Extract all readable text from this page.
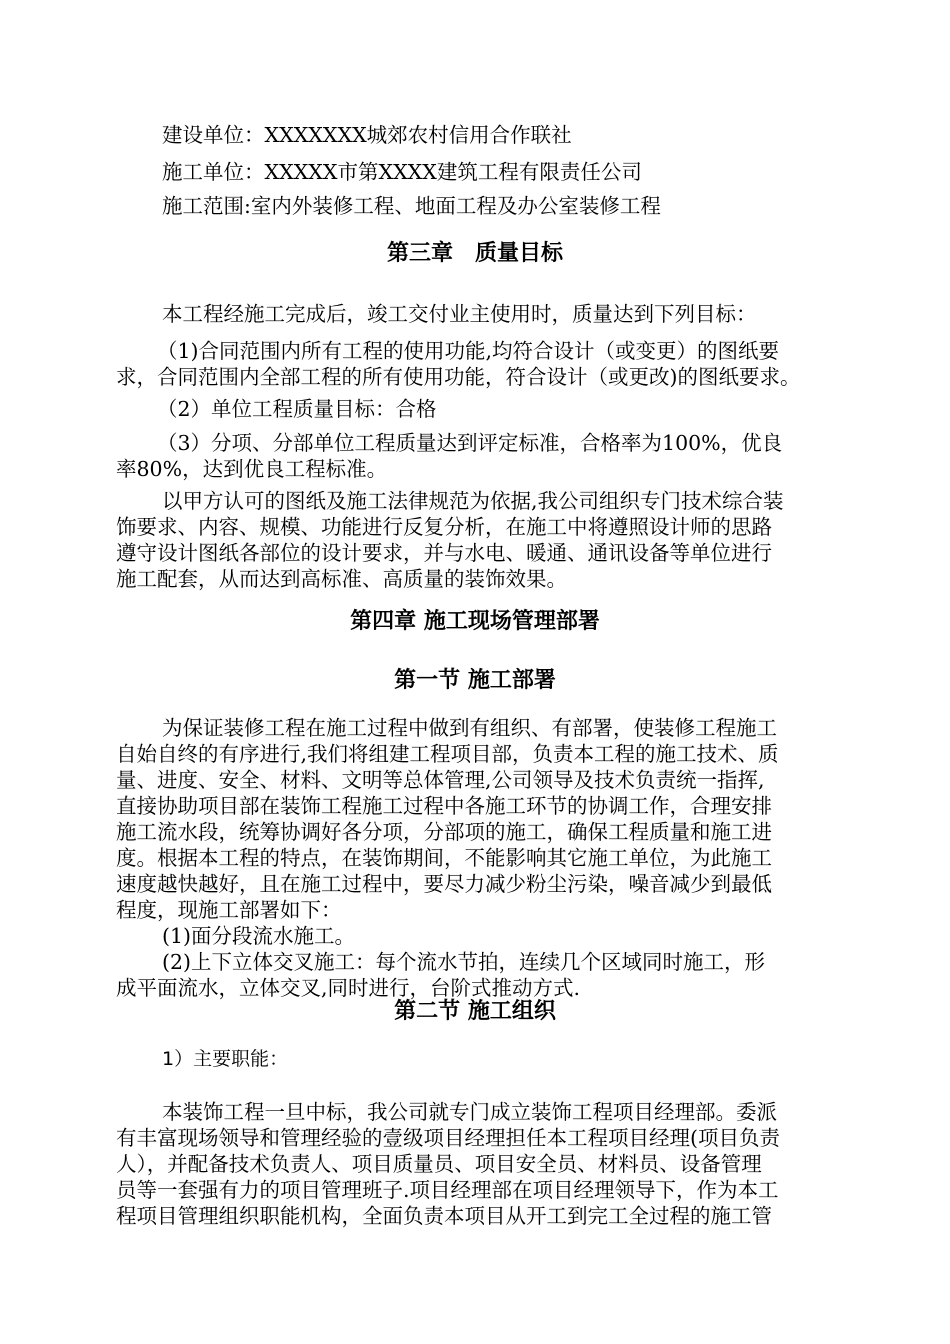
建设单位：XXXXXXX城郊农村信用合作联社

施工单位：XXXXX市第XXXX建筑工程有限责任公司

施工范围:室内外装修工程、地面工程及办公室装修工程

第三章　质量目标

本工程经施工完成后，竣工交付业主使用时，质量达到下列目标：

（1)合同范围内所有工程的使用功能,均符合设计（或变更）的图纸要

求，合同范围内全部工程的所有使用功能，符合设计（或更改)的图纸要求。

（2）单位工程质量目标：合格

（3）分项、分部单位工程质量达到评定标准，合格率为100%，优良

率80%，达到优良工程标准。

以甲方认可的图纸及施工法律规范为依据,我公司组织专门技术综合装

饰要求、内容、规模、功能进行反复分析，在施工中将遵照设计师的思路

遵守设计图纸各部位的设计要求，并与水电、暖通、通讯设备等单位进行

施工配套，从而达到高标准、高质量的装饰效果。

第四章 施工现场管理部署
第一节 施工部署

为保证装修工程在施工过程中做到有组织、有部署，使装修工程施工

自始自终的有序进行,我们将组建工程项目部，负责本工程的施工技术、质

量、进度、安全、材料、文明等总体管理,公司领导及技术负责统一指挥,

直接协助项目部在装饰工程施工过程中各施工环节的协调工作，合理安排

施工流水段，统筹协调好各分项，分部项的施工，确保工程质量和施工进

度。根据本工程的特点，在装饰期间，不能影响其它施工单位，为此施工

速度越快越好，且在施工过程中，要尽力减少粉尘污染，噪音减少到最低

程度，现施工部署如下：

(1)面分段流水施工。

(2)上下立体交叉施工：每个流水节拍，连续几个区域同时施工，形

成平面流水，立体交叉,同时进行，台阶式推动方式.

第二节 施工组织

1）主要职能：

本装饰工程一旦中标，我公司就专门成立装饰工程项目经理部。委派

有丰富现场领导和管理经验的壹级项目经理担任本工程项目经理(项目负责

人），并配备技术负责人、项目质量员、项目安全员、材料员、设备管理

员等一套强有力的项目管理班子.项目经理部在项目经理领导下，作为本工

程项目管理组织职能机构，全面负责本项目从开工到完工全过程的施工管
